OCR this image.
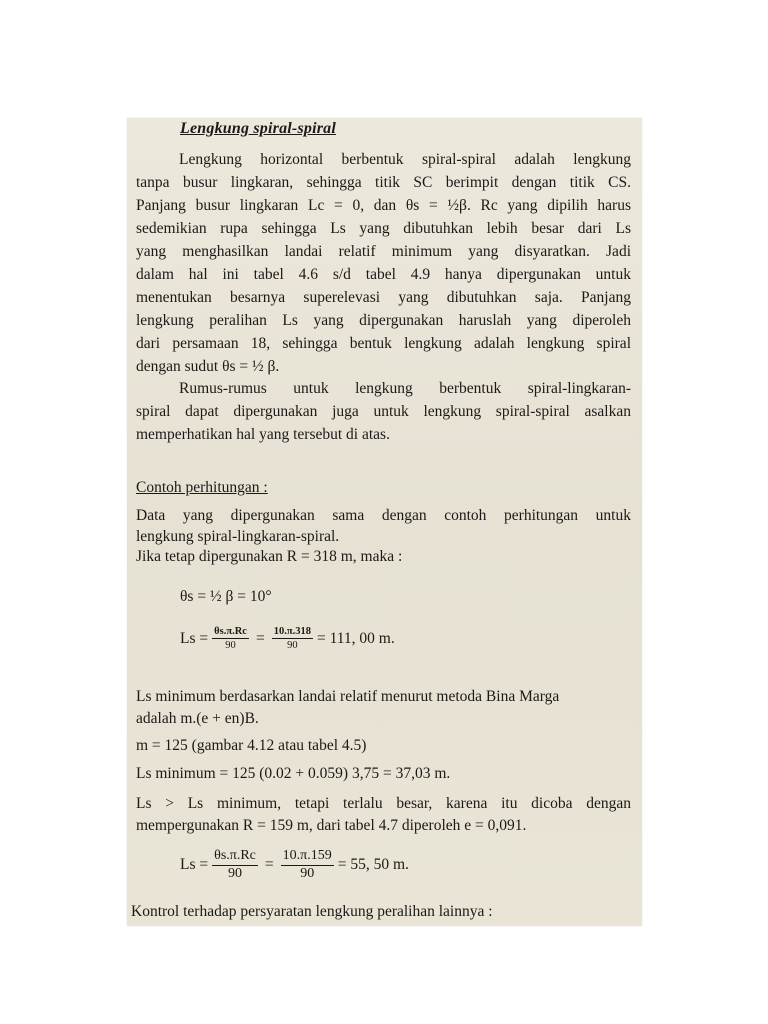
Lengkung spiral-spiral
Lengkung horizontal berbentuk spiral-spiral adalah lengkung
tanpa busur lingkaran, sehingga titik SC berimpit dengan titik CS.
Panjang busur lingkaran Lc = 0, dan θs = ½β. Rc yang dipilih harus
sedemikian rupa sehingga Ls yang dibutuhkan lebih besar dari Ls
yang menghasilkan landai relatif minimum yang disyaratkan. Jadi
dalam hal ini tabel 4.6 s/d tabel 4.9 hanya dipergunakan untuk
menentukan besarnya superelevasi yang dibutuhkan saja. Panjang
lengkung peralihan Ls yang dipergunakan haruslah yang diperoleh
dari persamaan 18, sehingga bentuk lengkung adalah lengkung spiral
dengan sudut θs = ½ β.
Rumus-rumus untuk lengkung berbentuk spiral-lingkaran-
spiral dapat dipergunakan juga untuk lengkung spiral-spiral asalkan
memperhatikan hal yang tersebut di atas.
Contoh perhitungan :
Data yang dipergunakan sama dengan contoh perhitungan untuk
lengkung spiral-lingkaran-spiral.
Jika tetap dipergunakan R = 318 m, maka :
θs = ½ β = 10°
$Ls = \frac{\theta s.\pi.Rc}{90} = \frac{10.\pi.318}{90} = 111$, 00 m.
Ls minimum berdasarkan landai relatif menurut metoda Bina Marga
adalah m.(e + en)B.
m = 125 (gambar 4.12 atau tabel 4.5)
Ls minimum = 125 (0.02 + 0.059) 3,75 = 37,03 m.
Ls > Ls minimum, tetapi terlalu besar, karena itu dicoba dengan
mempergunakan R = 159 m, dari tabel 4.7 diperoleh e = 0,091.
$Ls = \frac{\theta s.\pi.Rc}{90} = \frac{10.\pi.159}{90} = 55$, 50 m.
Kontrol terhadap persyaratan lengkung peralihan lainnya :
